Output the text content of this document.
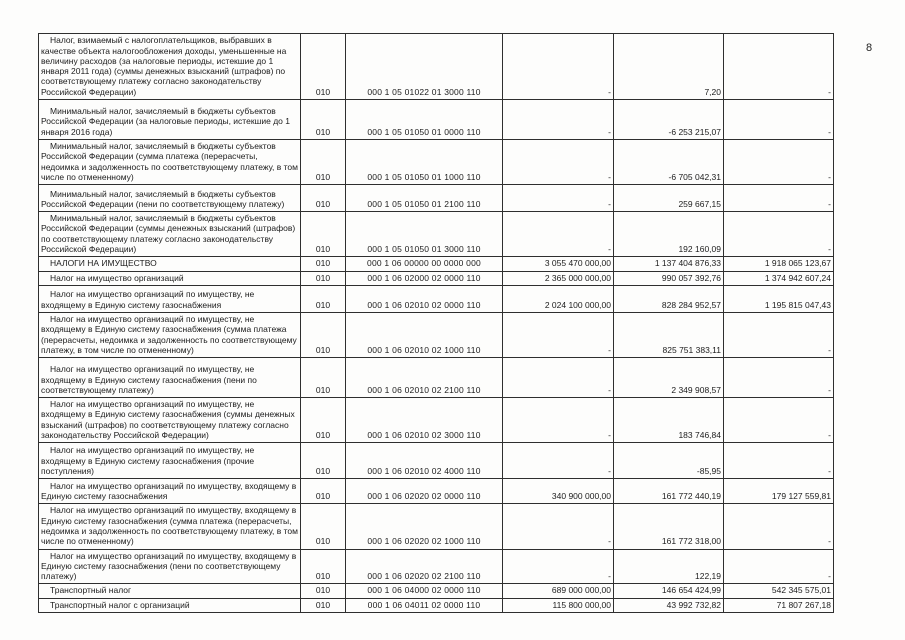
8
Налог, взимаемый с налогоплательщиков, выбравших в качестве объекта налогообложения доходы, уменьшенные на величину расходов (за налоговые периоды, истекшие до 1 января 2011 года) (суммы денежных взысканий (штрафов) по соответствующему платежу согласно законодательству Российской Федерации)	010	000 1 05 01022 01 3000 110	-	7,20	-
Минимальный налог, зачисляемый в бюджеты субъектов Российской Федерации (за налоговые периоды, истекшие до 1 января 2016 года)	010	000 1 05 01050 01 0000 110	-	-6 253 215,07	-
Минимальный налог, зачисляемый в бюджеты субъектов Российской Федерации (сумма платежа (перерасчеты, недоимка и задолженность по соответствующему платежу, в том числе по отмененному)	010	000 1 05 01050 01 1000 110	-	-6 705 042,31	-
Минимальный налог, зачисляемый в бюджеты субъектов Российской Федерации (пени по соответствующему платежу)	010	000 1 05 01050 01 2100 110	-	259 667,15	-
Минимальный налог, зачисляемый в бюджеты субъектов Российской Федерации (суммы денежных взысканий (штрафов) по соответствующему платежу согласно законодательству Российской Федерации)	010	000 1 05 01050 01 3000 110	-	192 160,09	-
НАЛОГИ НА ИМУЩЕСТВО	010	000 1 06 00000 00 0000 000	3 055 470 000,00	1 137 404 876,33	1 918 065 123,67
Налог на имущество организаций	010	000 1 06 02000 02 0000 110	2 365 000 000,00	990 057 392,76	1 374 942 607,24
Налог на имущество организаций по имуществу, не входящему в Единую систему газоснабжения	010	000 1 06 02010 02 0000 110	2 024 100 000,00	828 284 952,57	1 195 815 047,43
Налог на имущество организаций по имуществу, не входящему в Единую систему газоснабжения (сумма платежа (перерасчеты, недоимка и задолженность по соответствующему платежу, в том числе по отмененному)	010	000 1 06 02010 02 1000 110	-	825 751 383,11	-
Налог на имущество организаций по имуществу, не входящему в Единую систему газоснабжения (пени по соответствующему платежу)	010	000 1 06 02010 02 2100 110	-	2 349 908,57	-
Налог на имущество организаций по имуществу, не входящему в Единую систему газоснабжения (суммы денежных взысканий (штрафов) по соответствующему платежу согласно законодательству Российской Федерации)	010	000 1 06 02010 02 3000 110	-	183 746,84	-
Налог на имущество организаций по имуществу, не входящему в Единую систему газоснабжения (прочие поступления)	010	000 1 06 02010 02 4000 110	-	-85,95	-
Налог на имущество организаций по имуществу, входящему в Единую систему газоснабжения	010	000 1 06 02020 02 0000 110	340 900 000,00	161 772 440,19	179 127 559,81
Налог на имущество организаций по имуществу, входящему в Единую систему газоснабжения (сумма платежа (перерасчеты, недоимка и задолженность по соответствующему платежу, в том числе по отмененному)	010	000 1 06 02020 02 1000 110	-	161 772 318,00	-
Налог на имущество организаций по имуществу, входящему в Единую систему газоснабжения (пени по соответствующему платежу)	010	000 1 06 02020 02 2100 110	-	122,19	-
Транспортный налог	010	000 1 06 04000 02 0000 110	689 000 000,00	146 654 424,99	542 345 575,01
Транспортный налог с организаций	010	000 1 06 04011 02 0000 110	115 800 000,00	43 992 732,82	71 807 267,18
